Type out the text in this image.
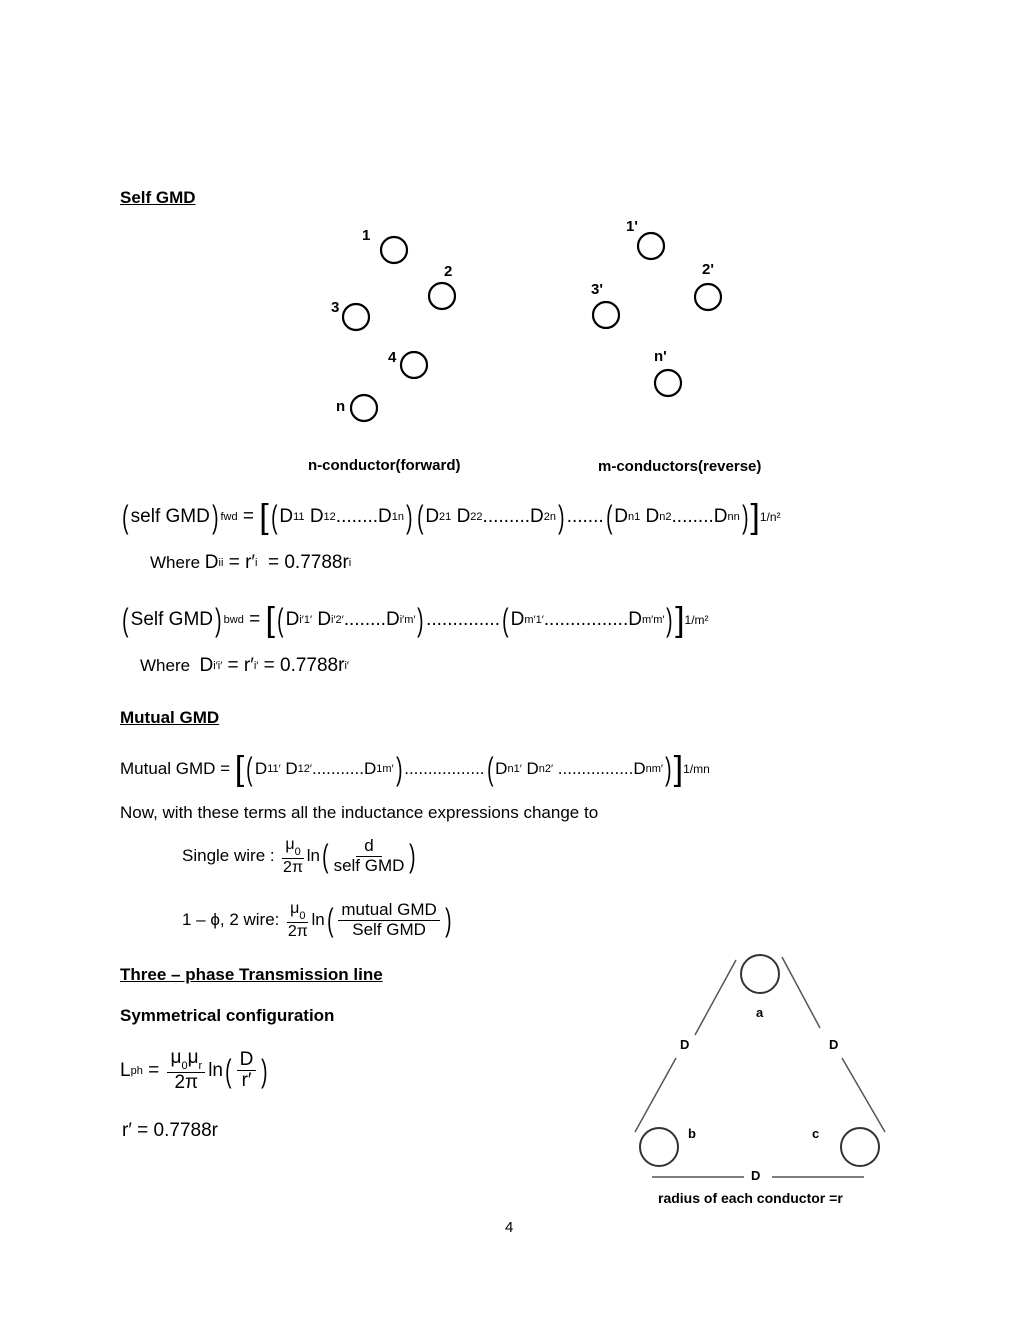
Self GMD
1
2
3
4
n
n-conductor(forward)
1'
2'
3'
n'
m-conductors(reverse)
( self GMD ) fwd = [ ( D 11 D 12 ........D 1n ) ( D 21 D 22 .........D 2n ) ....... ( D n1 D n2 ........D nn ) ] 1/n²
Where D ii = r′ i = 0.7788r i
( Self GMD ) bwd = [ ( D i′1′ D i′2′ ........D i′m′ ) .............. ( D m′1′ ................D m′m′ ) ] 1/m²
Where D i′i′ = r′ i′ = 0.7788r i′
Mutual GMD
Mutual GMD = [ ( D 11′ D 12′ ...........D 1m′ ) ................. ( D n1′ D n2′ ................D nm′ ) ] 1/mn
Now, with these terms all the inductance expressions change to
Single wire :
$\frac{\mu_0}{2\pi}$ ln ( $\frac{d}{\text{self GMD}}$ )
1 – ϕ, 2 wire:
$\frac{\mu_0}{2\pi}$ ln ( $\frac{\text{mutual GMD}}{\text{Self GMD}}$ )
Three – phase Transmission line
Symmetrical configuration
L ph = $\frac{\mu_0\mu_r}{2\pi}$ ln ( $\frac{D}{r'}$ )
r′ = 0.7788r
a
b	c
D	D
D
radius of each conductor =r
4
